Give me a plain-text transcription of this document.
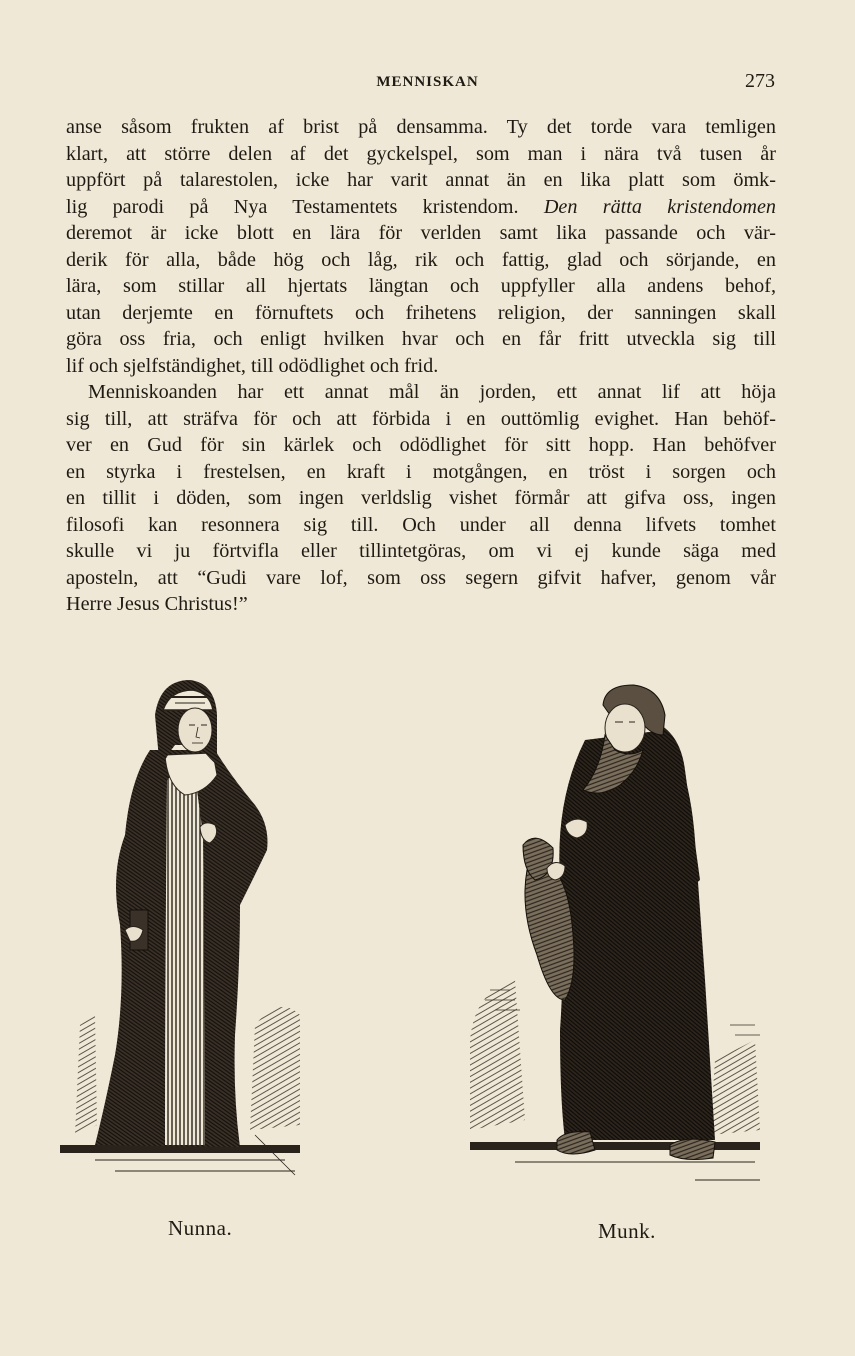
MENNISKAN	273

anse såsom frukten af brist på densamma. Ty det torde vara temligen
klart, att större delen af det gyckelspel, som man i nära två tusen år
uppfört på talarestolen, icke har varit annat än en lika platt som ömk-
lig parodi på Nya Testamentets kristendom. Den rätta kristendomen
deremot är icke blott en lära för verlden samt lika passande och vär-
derik för alla, både hög och låg, rik och fattig, glad och sörjande, en
lära, som stillar all hjertats längtan och uppfyller alla andens behof,
utan derjemte en förnuftets och frihetens religion, der sanningen skall
göra oss fria, och enligt hvilken hvar och en får fritt utveckla sig till
lif och sjelfständighet, till odödlighet och frid.

Menniskoanden har ett annat mål än jorden, ett annat lif att höja
sig till, att sträfva för och att förbida i en outtömlig evighet. Han behöf-
ver en Gud för sin kärlek och odödlighet för sitt hopp. Han behöfver
en styrka i frestelsen, en kraft i motgången, en tröst i sorgen och
en tillit i döden, som ingen verldslig vishet förmår att gifva oss, ingen
filosofi kan resonnera sig till. Och under all denna lifvets tomhet
skulle vi ju förtvifla eller tillintetgöras, om vi ej kunde säga med
aposteln, att “Gudi vare lof, som oss segern gifvit hafver, genom vår
Herre Jesus Christus!”

Nunna.	Munk.
